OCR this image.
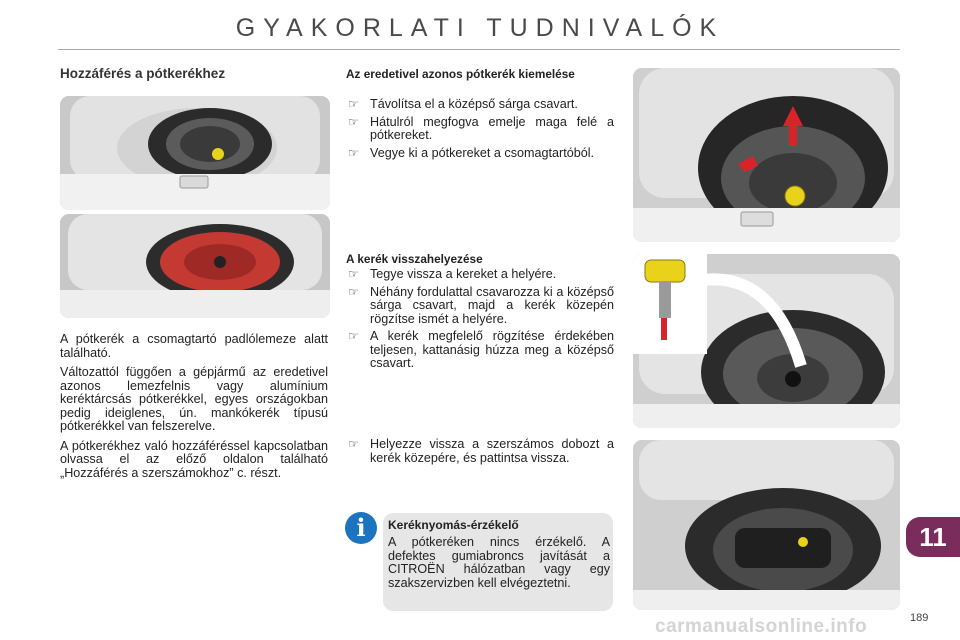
GYAKORLATI TUDNIVALÓK
Hozzáférés a pótkerékhez

A pótkerék a csomagtartó padlólemeze alatt található.

Változattól függően a gépjármű az eredetivel azonos lemezfelnis vagy alumínium keréktárcsás pótkerékkel, egyes országokban pedig ideiglenes, ún. mankókerék típusú pótkerékkel van felszerelve.

A pótkerékhez való hozzáféréssel kapcsolatban olvassa el az előző oldalon található „Hozzáférés a szerszámokhoz” c. részt.

Az eredetivel azonos pótkerék kiemelése
☞ Távolítsa el a középső sárga csavart.
☞ Hátulról megfogva emelje maga felé a pótkereket.
☞ Vegye ki a pótkereket a csomagtartóból.
A kerék visszahelyezése
☞ Tegye vissza a kereket a helyére.
☞ Néhány fordulattal csavarozza ki a középső sárga csavart, majd a kerék közepén rögzítse ismét a helyére.
☞ A kerék megfelelő rögzítése érdekében teljesen, kattanásig húzza meg a középső csavart.
☞ Helyezze vissza a szerszámos dobozt a kerék közepére, és pattintsa vissza.
i	Keréknyomás-érzékelő
A pótkeréken nincs érzékelő. A defektes gumiabroncs javítását a CITROËN hálózatban vagy egy szakszervizben kell elvégeztetni.
11
carmanualsonline.info	189
